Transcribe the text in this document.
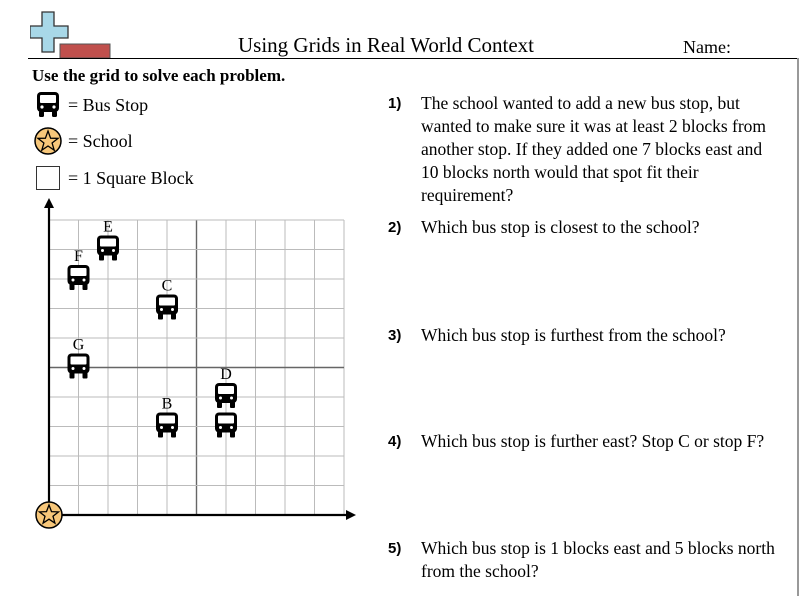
Using Grids in Real World Context	Name:
Use the grid to solve each problem.
= Bus Stop
= School
= 1 Square Block
E
F
C
G
D
B
1)	The school wanted to add a new bus stop, but wanted to make sure it was at least 2 blocks from another stop. If they added one 7 blocks east and 10 blocks north would that spot fit their requirement?
2)	Which bus stop is closest to the school?
3)	Which bus stop is furthest from the school?
4)	Which bus stop is further east? Stop C or stop F?
5)	Which bus stop is 1 blocks east and 5 blocks north from the school?
